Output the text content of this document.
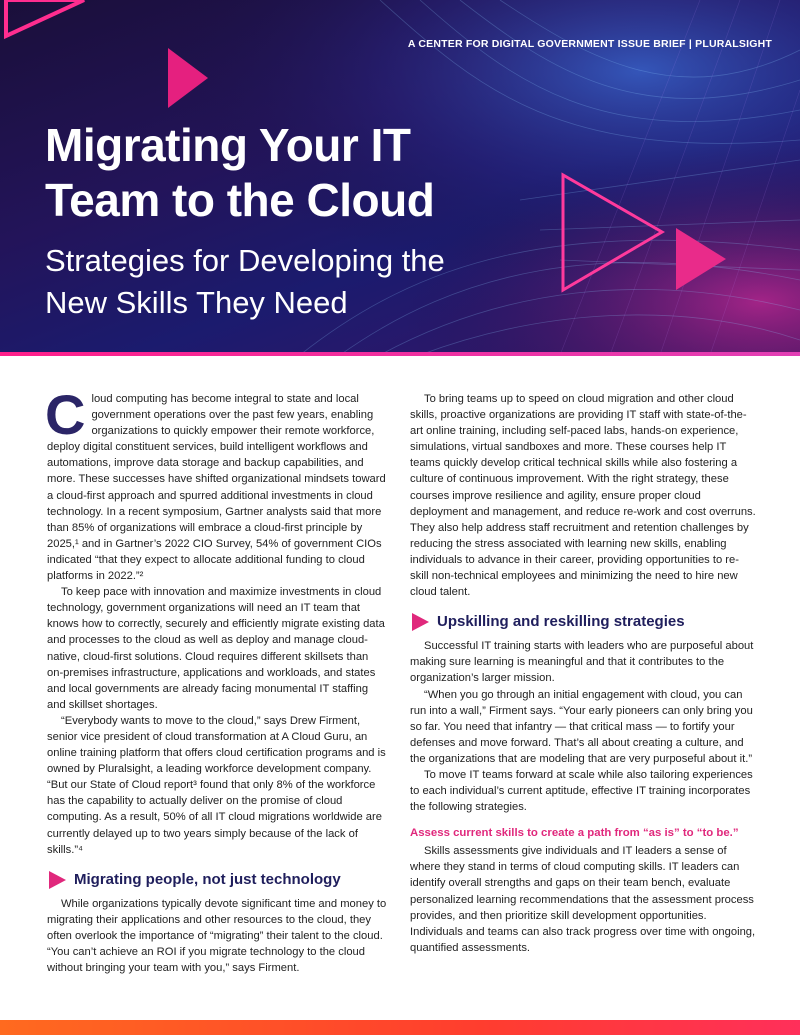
A CENTER FOR DIGITAL GOVERNMENT ISSUE BRIEF | PLURALSIGHT
Migrating Your IT
Team to the Cloud
Strategies for Developing the
New Skills They Need

Cloud computing has become integral to state and local government operations over the past few years, enabling organizations to quickly empower their remote workforce, deploy digital constituent services, build intelligent workflows and automations, improve data storage and backup capabilities, and more. These successes have shifted organizational mindsets toward a cloud-first approach and spurred additional investments in cloud technology. In a recent symposium, Gartner analysts said that more than 85% of organizations will embrace a cloud-first principle by 2025,¹ and in Gartner’s 2022 CIO Survey, 54% of government CIOs indicated “that they expect to allocate additional funding to cloud platforms in 2022.”²

To keep pace with innovation and maximize investments in cloud technology, government organizations will need an IT team that knows how to correctly, securely and efficiently migrate existing data and processes to the cloud as well as deploy and manage cloud-native, cloud-first solutions. Cloud requires different skillsets than on-premises infrastructure, applications and workloads, and states and local governments are already facing monumental IT staffing and skillset shortages.

“Everybody wants to move to the cloud,” says Drew Firment, senior vice president of cloud transformation at A Cloud Guru, an online training platform that offers cloud certification programs and is owned by Pluralsight, a leading workforce development company. “But our State of Cloud report³ found that only 8% of the workforce has the capability to actually deliver on the promise of cloud computing. As a result, 50% of all IT cloud migrations worldwide are currently delayed up to two years simply because of the lack of skills.”⁴

Migrating people, not just technology

While organizations typically devote significant time and money to migrating their applications and other resources to the cloud, they often overlook the importance of “migrating” their talent to the cloud. “You can’t achieve an ROI if you migrate technology to the cloud without bringing your team with you,” says Firment.

To bring teams up to speed on cloud migration and other cloud skills, proactive organizations are providing IT staff with state-of-the-art online training, including self-paced labs, hands-on experience, simulations, virtual sandboxes and more. These courses help IT teams quickly develop critical technical skills while also fostering a culture of continuous improvement. With the right strategy, these courses improve resilience and agility, ensure proper cloud deployment and management, and reduce re-work and cost overruns. They also help address staff recruitment and retention challenges by reducing the stress associated with learning new skills, enabling individuals to advance in their career, providing opportunities to re-skill non-technical employees and minimizing the need to hire new cloud talent.

Upskilling and reskilling strategies

Successful IT training starts with leaders who are purposeful about making sure learning is meaningful and that it contributes to the organization’s larger mission.

“When you go through an initial engagement with cloud, you can run into a wall,” Firment says. “Your early pioneers can only bring you so far. You need that infantry — that critical mass — to fortify your defenses and move forward. That’s all about creating a culture, and the organizations that are modeling that are very purposeful about it.”

To move IT teams forward at scale while also tailoring experiences to each individual’s current aptitude, effective IT training incorporates the following strategies.

Assess current skills to create a path from “as is” to “to be.”

Skills assessments give individuals and IT leaders a sense of where they stand in terms of cloud computing skills. IT leaders can identify overall strengths and gaps on their team bench, evaluate personalized learning recommendations that the assessment process provides, and then prioritize skill development opportunities. Individuals and teams can also track progress over time with ongoing, quantified assessments.
